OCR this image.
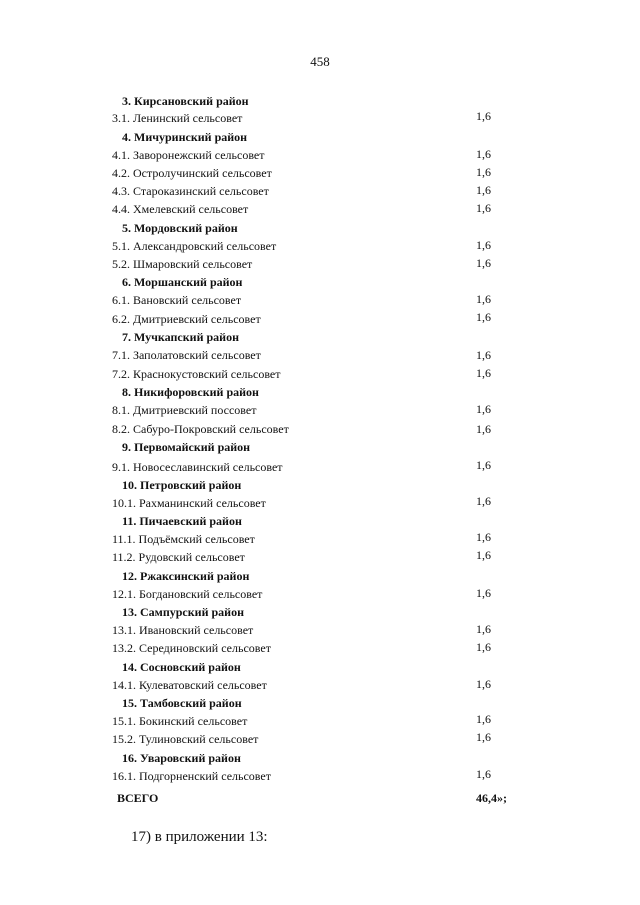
458
3. Кирсановский район
3.1. Ленинский сельсовет	1,6
4. Мичуринский район
4.1. Заворонежский сельсовет	1,6
4.2. Остролучинский сельсовет	1,6
4.3. Староказинский сельсовет	1,6
4.4. Хмелевский сельсовет	1,6
5. Мордовский район
5.1. Александровский сельсовет	1,6
5.2. Шмаровский сельсовет	1,6
6. Моршанский район
6.1. Вановский сельсовет	1,6
6.2. Дмитриевский сельсовет	1,6
7. Мучкапский район
7.1. Заполатовский сельсовет	1,6
7.2. Краснокустовский сельсовет	1,6
8. Никифоровский район
8.1. Дмитриевский поссовет	1,6
8.2. Сабуро-Покровский сельсовет	1,6
9. Первомайский район
9.1. Новосеславинский сельсовет	1,6
10. Петровский район
10.1. Рахманинский сельсовет	1,6
11. Пичаевский район
11.1. Подъёмский сельсовет	1,6
11.2. Рудовский сельсовет	1,6
12. Ржаксинский район
12.1. Богдановский сельсовет	1,6
13. Сампурский район
13.1. Ивановский сельсовет	1,6
13.2. Серединовский сельсовет	1,6
14. Сосновский район
14.1. Кулеватовский сельсовет	1,6
15. Тамбовский район
15.1. Бокинский сельсовет	1,6
15.2. Тулиновский сельсовет	1,6
16. Уваровский район
16.1. Подгорненский сельсовет	1,6
ВСЕГО	46,4»;
17) в приложении 13:
